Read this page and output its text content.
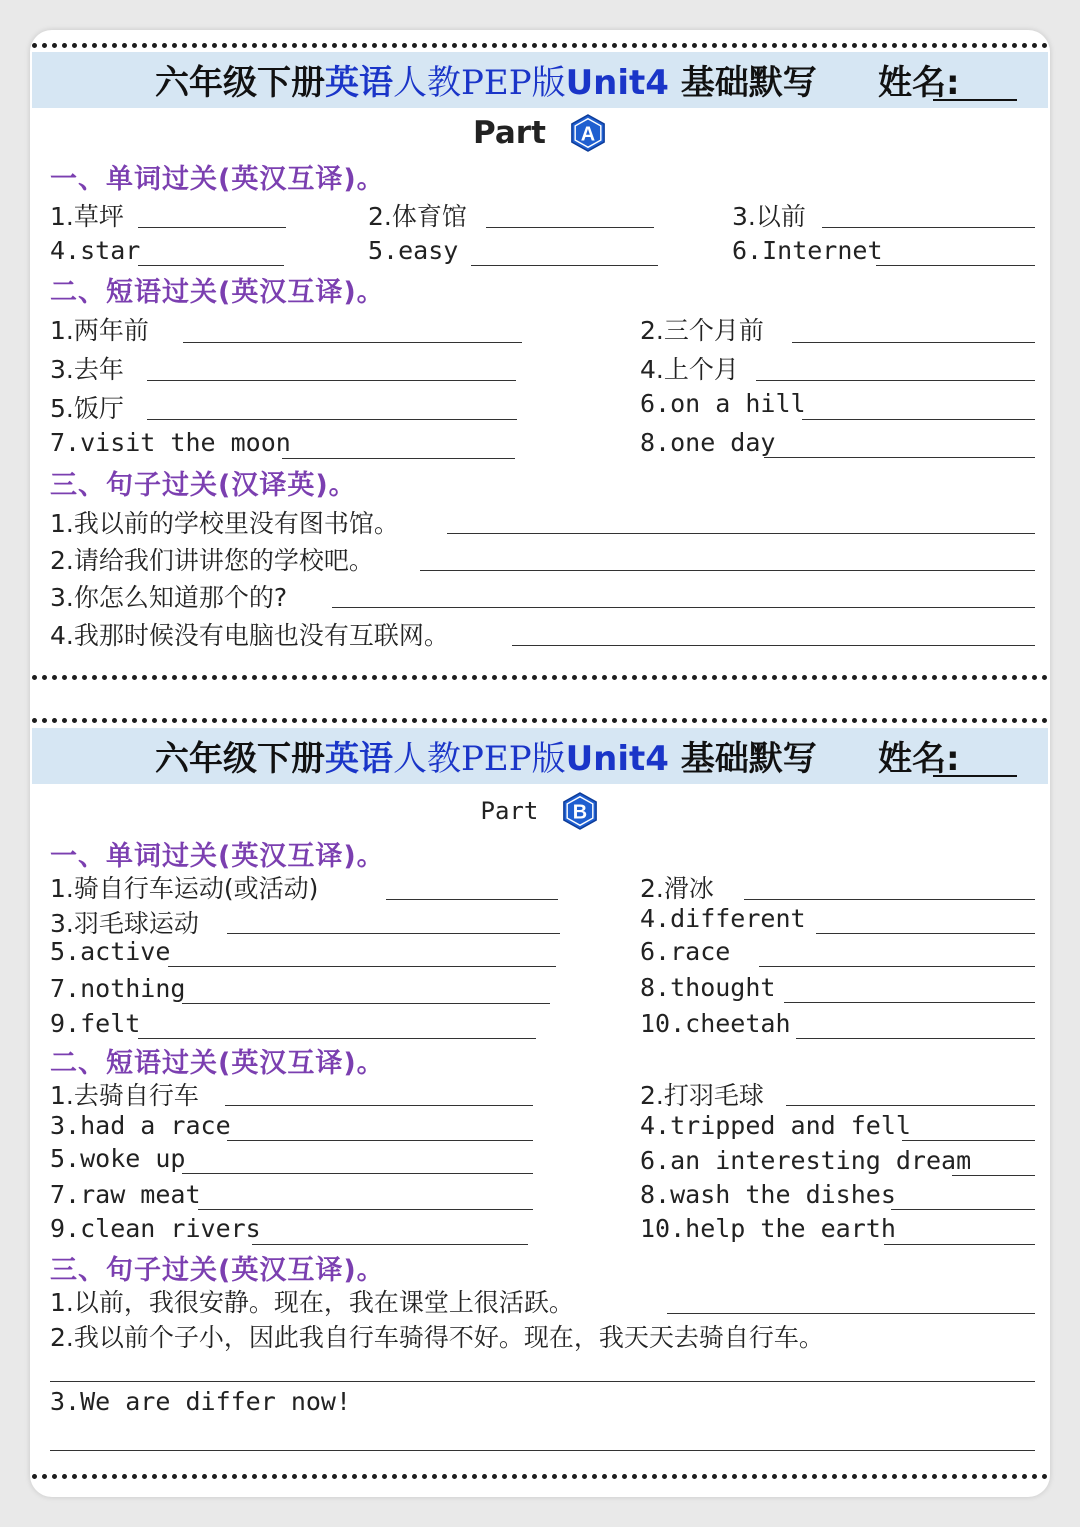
六年级下册英语人教PEP版Unit4 基础默写 姓名:
Part A
一、单词过关(英汉互译)。
1.草坪	2.体育馆	3.以前
4.star	5.easy	6.Internet
二、短语过关(英汉互译)。
1.两年前	2.三个月前
3.去年	4.上个月
5.饭厅	6.on a hill
7.visit the moon	8.one day
三、句子过关(汉译英)。
1.我以前的学校里没有图书馆。
2.请给我们讲讲您的学校吧。
3.你怎么知道那个的?
4.我那时候没有电脑也没有互联网。
六年级下册英语人教PEP版Unit4 基础默写 姓名:
Part B
一、单词过关(英汉互译)。
1.骑自行车运动(或活动)	2.滑冰
3.羽毛球运动	4.different
5.active	6.race
7.nothing	8.thought
9.felt	10.cheetah
二、短语过关(英汉互译)。
1.去骑自行车	2.打羽毛球
3.had a race	4.tripped and fell
5.woke up	6.an interesting dream
7.raw meat	8.wash the dishes
9.clean rivers	10.help the earth
三、句子过关(英汉互译)。
1.以前，我很安静。现在，我在课堂上很活跃。
2.我以前个子小，因此我自行车骑得不好。现在，我天天去骑自行车。
3.We are differ now!
